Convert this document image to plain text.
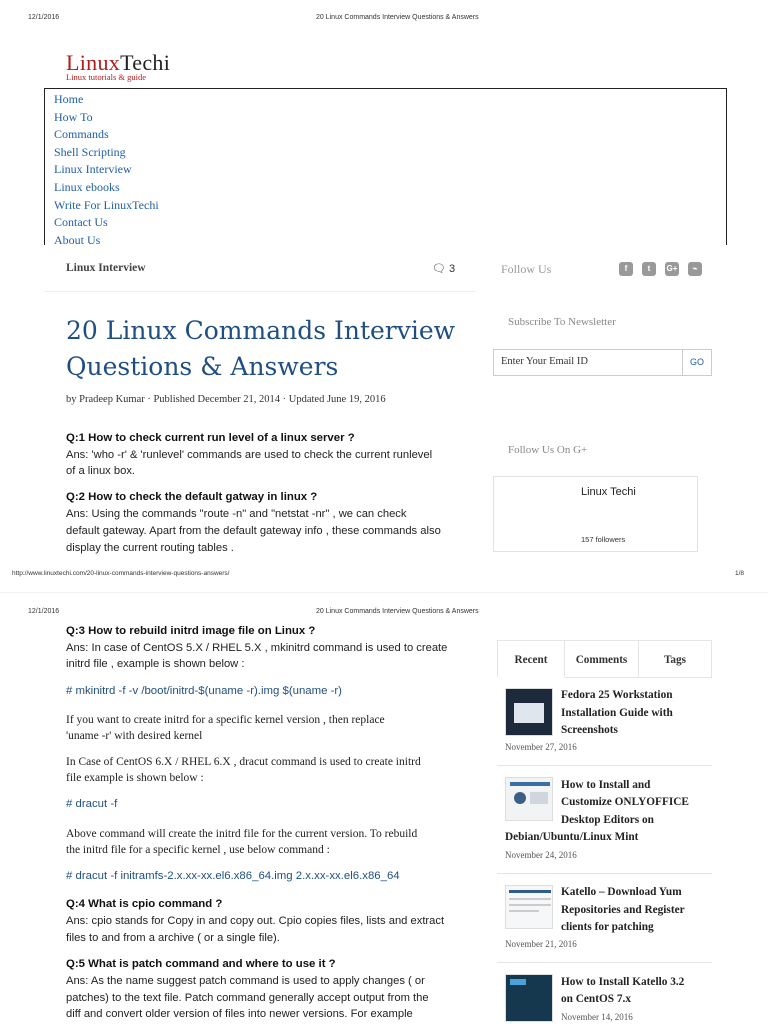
12/1/2016	20 Linux Commands Interview Questions & Answers
LinuxTechi
Linux tutorials & guide
Home
How To
Commands
Shell Scripting
Linux Interview
Linux ebooks
Write For LinuxTechi
Contact Us
About Us
Linux Interview	🗨 3	Follow Us	f	t	G+	⌁
20 Linux Commands Interview
Questions & Answers
by Pradeep Kumar · Published December 21, 2014 · Updated June 19, 2016
Q:1 How to check current run level of a linux server ?
Ans: 'who -r' & 'runlevel' commands are used to check the current runlevel
of a linux box.
Q:2 How to check the default gatway in linux ?
Ans: Using the commands "route -n" and "netstat -nr" , we can check
default gateway. Apart from the default gateway info , these commands also
display the current routing tables .
Subscribe To Newsletter
Enter Your Email ID	GO
Follow Us On G+
Linux Techi
157 followers
http://www.linuxtechi.com/20-linux-commands-interview-questions-answers/	1/8
12/1/2016	20 Linux Commands Interview Questions & Answers
Q:3 How to rebuild initrd image file on Linux ?
Ans: In case of CentOS 5.X / RHEL 5.X , mkinitrd command is used to create
initrd file , example is shown below :
# mkinitrd -f -v /boot/initrd-$(uname -r).img $(uname -r)
If you want to create initrd for a specific kernel version , then replace
'uname -r' with desired kernel
In Case of CentOS 6.X / RHEL 6.X , dracut command is used to create initrd
file example is shown below :
# dracut -f
Above command will create the initrd file for the current version. To rebuild
the initrd file for a specific kernel , use below command :
# dracut -f initramfs-2.x.xx-xx.el6.x86_64.img 2.x.xx-xx.el6.x86_64
Q:4 What is cpio command ?
Ans: cpio stands for Copy in and copy out. Cpio copies files, lists and extract
files to and from a archive ( or a single file).
Q:5 What is patch command and where to use it ?
Ans: As the name suggest patch command is used to apply changes ( or
patches) to the text file. Patch command generally accept output from the
diff and convert older version of files into newer versions. For example
Recent	Comments	Tags
Fedora 25 Workstation
Installation Guide with
Screenshots
November 27, 2016
How to Install and
Customize ONLYOFFICE
Desktop Editors on
Debian/Ubuntu/Linux Mint
November 24, 2016
Katello – Download Yum
Repositories and Register
clients for patching
November 21, 2016
How to Install Katello 3.2
on CentOS 7.x
November 14, 2016
